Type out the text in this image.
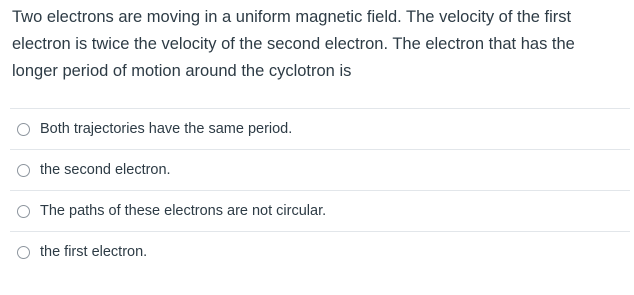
Two electrons are moving in a uniform magnetic field. The velocity of the first electron is twice the velocity of the second electron. The electron that has the longer period of motion around the cyclotron is
Both trajectories have the same period.
the second electron.
The paths of these electrons are not circular.
the first electron.
